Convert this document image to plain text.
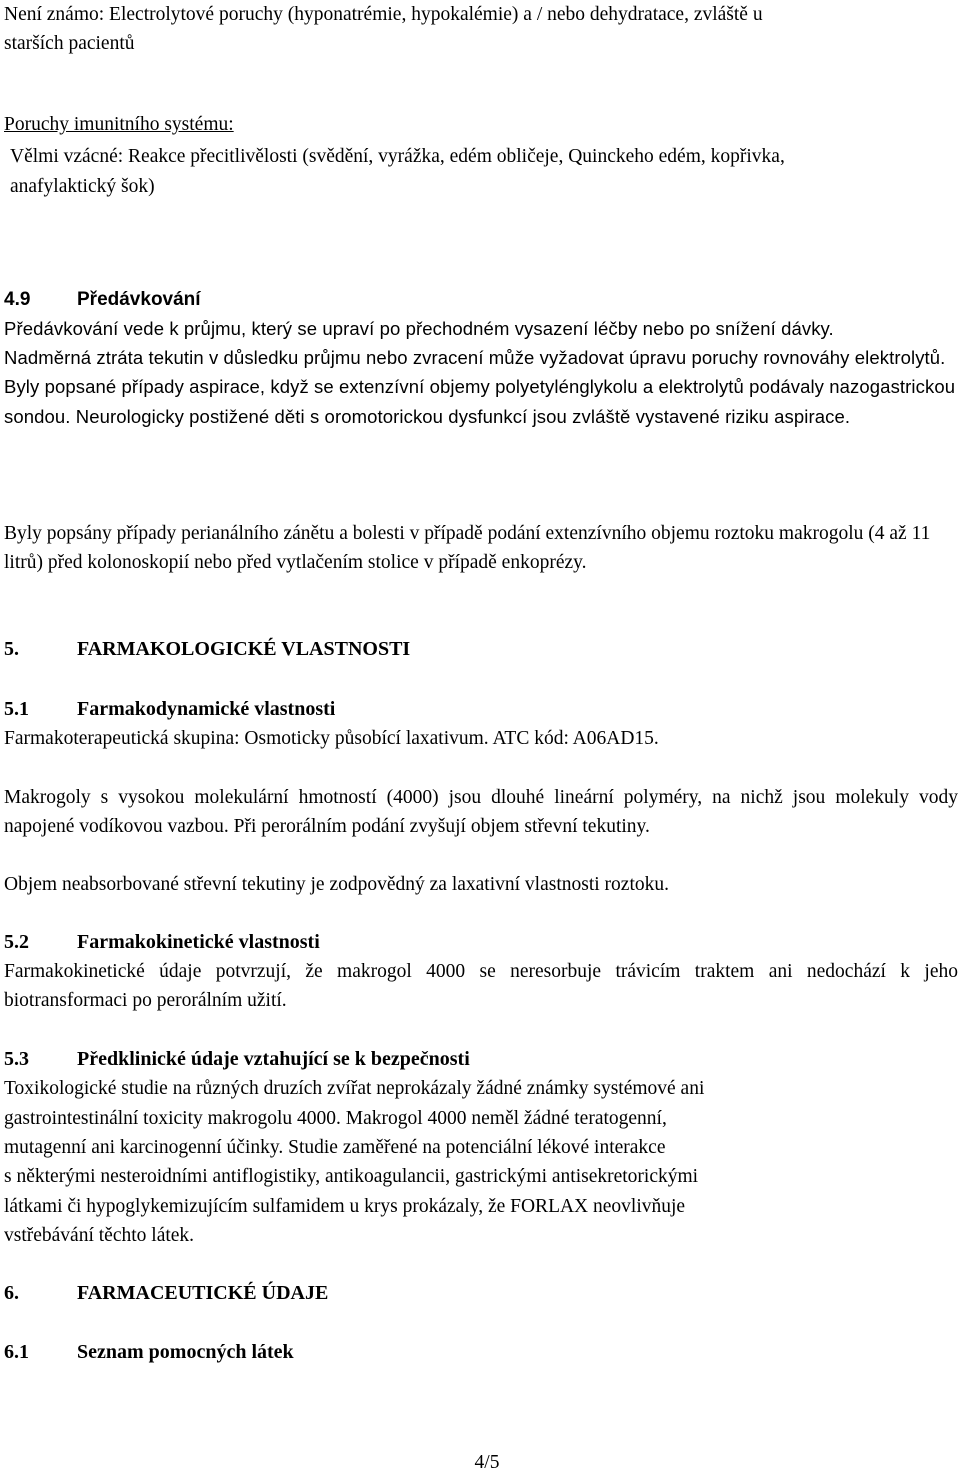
Není známo: Electrolytové poruchy (hyponatrémie, hypokalémie) a / nebo dehydratace, zvláště u
starších pacientů
Poruchy imunitního systému:
Vělmi vzácné: Reakce přecitlivělosti (svědění, vyrážka, edém obličeje, Quinckeho edém, kopřivka,
anafylaktický šok)
4.9 Předávkování
Předávkování vede k průjmu, který se upraví po přechodném vysazení léčby nebo po snížení dávky.
Nadměrná ztráta tekutin v důsledku průjmu nebo zvracení může vyžadovat úpravu poruchy rovnováhy elektrolytů.
Byly popsané případy aspirace, když se extenzívní objemy polyetylénglykolu a elektrolytů podávaly nazogastrickou sondou. Neurologicky postižené děti s oromotorickou dysfunkcí jsou zvláště vystavené riziku aspirace.
Byly popsány případy perianálního zánětu a bolesti v případě podání extenzívního objemu roztoku makrogolu (4 až 11 litrů) před kolonoskopií nebo před vytlačením stolice v případě enkoprézy.
5.	FARMAKOLOGICKÉ VLASTNOSTI
5.1 Farmakodynamické vlastnosti
Farmakoterapeutická skupina: Osmoticky působící laxativum. ATC kód: A06AD15.
Makrogoly s vysokou molekulární hmotností (4000) jsou dlouhé lineární polyméry, na nichž jsou molekuly vody napojené vodíkovou vazbou. Při perorálním podání zvyšují objem střevní tekutiny.
Objem neabsorbované střevní tekutiny je zodpovědný za laxativní vlastnosti roztoku.
5.2 Farmakokinetické vlastnosti
Farmakokinetické údaje potvrzují, že makrogol 4000 se neresorbuje trávicím traktem ani nedochází k jeho biotransformaci po perorálním užití.
5.3 Předklinické údaje vztahující se k bezpečnosti
Toxikologické studie na různých druzích zvířat neprokázaly žádné známky systémové ani
gastrointestinální toxicity makrogolu 4000. Makrogol 4000 neměl žádné teratogenní,
mutagenní ani karcinogenní účinky. Studie zaměřené na potenciální lékové interakce
s některými nesteroidními antiflogistiky, antikoagulancii, gastrickými antisekretorickými
látkami či hypoglykemizujícím sulfamidem u krys prokázaly, že FORLAX neovlivňuje
vstřebávání těchto látek.
6.	FARMACEUTICKÉ ÚDAJE
6.1 Seznam pomocných látek
4/5
